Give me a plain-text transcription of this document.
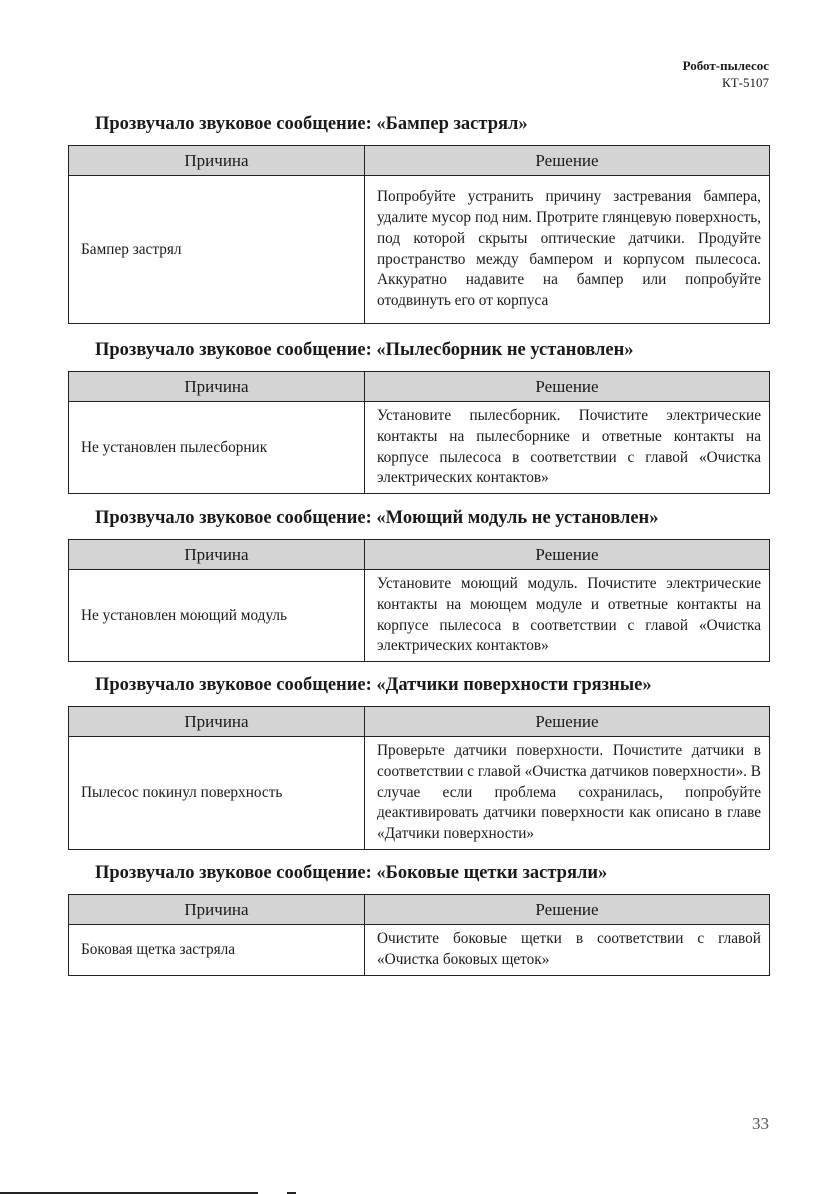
Робот-пылесос
КТ-5107
Прозвучало звуковое сообщение: «Бампер застрял»
Причина	Решение
Бампер застрял	Попробуйте устранить причину застревания бампера, удалите мусор под ним. Протрите глянцевую поверхность, под которой скрыты оптические датчики. Продуйте пространство между бампером и корпусом пылесоса. Аккуратно надавите на бампер или попробуйте отодвинуть его от корпуса
Прозвучало звуковое сообщение: «Пылесборник не установлен»
Причина	Решение
Не установлен пылесборник	Установите пылесборник. Почистите электрические контакты на пылесборнике и ответные контакты на корпусе пылесоса в соответствии с главой «Очистка электрических контактов»
Прозвучало звуковое сообщение: «Моющий модуль не установлен»
Причина	Решение
Не установлен моющий модуль	Установите моющий модуль. Почистите электрические контакты на моющем модуле и ответные контакты на корпусе пылесоса в соответствии с главой «Очистка электрических контактов»
Прозвучало звуковое сообщение: «Датчики поверхности грязные»
Причина	Решение
Пылесос покинул поверхность	Проверьте датчики поверхности. Почистите датчики в соответствии с главой «Очистка датчиков поверхности». В случае если проблема сохранилась, попробуйте деактивировать датчики поверхности как описано в главе «Датчики поверхности»
Прозвучало звуковое сообщение: «Боковые щетки застряли»
Причина	Решение
Боковая щетка застряла	Очистите боковые щетки в соответствии с главой «Очистка боковых щеток»
33
